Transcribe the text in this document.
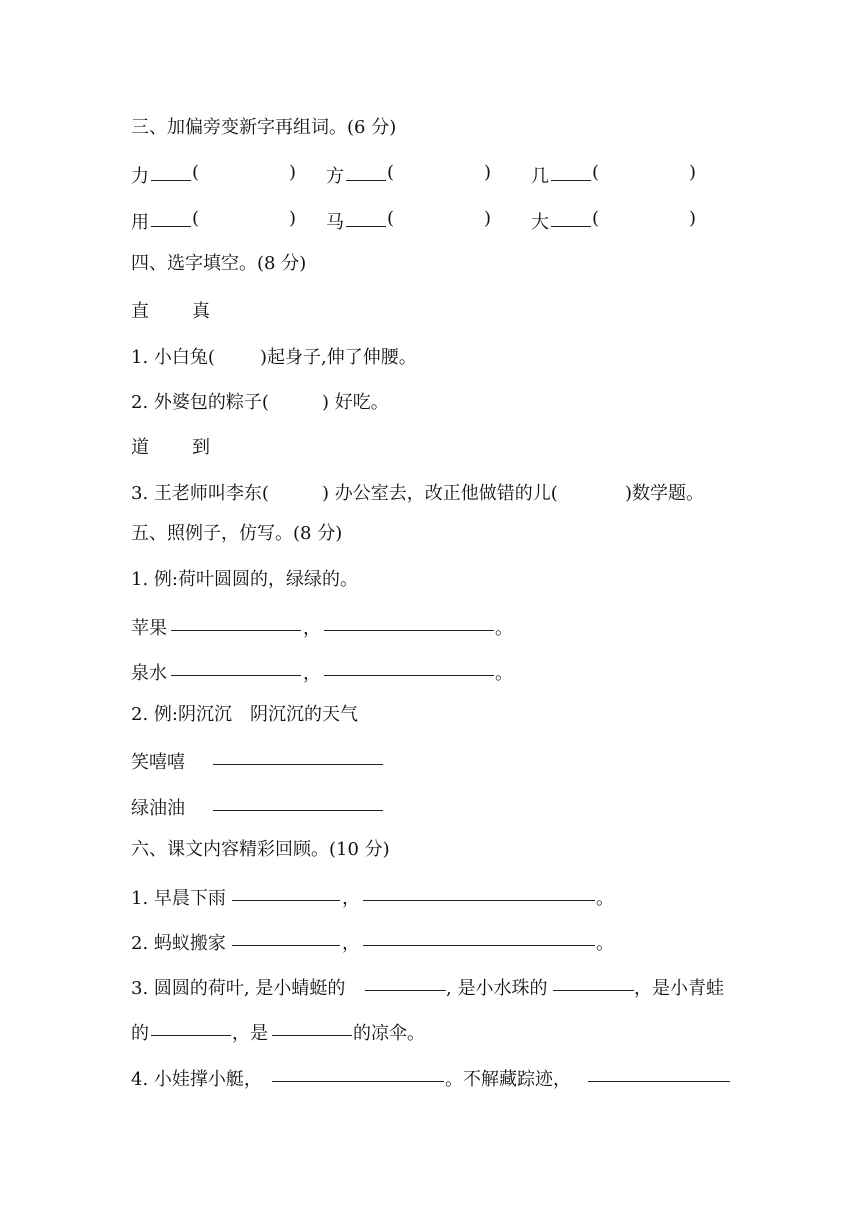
三、加偏旁变新字再组词。(6 分)
力 (	) 方 (	) 几 (	)
用 (	) 马 (	) 大 (	)
四、选字填空。(8 分)
直 真
1. 小白兔(	)起身子,伸了伸腰。
2. 外婆包的粽子(	) 好吃。
道 到
3. 王老师叫李东(	) 办公室去，改正他做错的儿(	)数学题。
五、照例子，仿写。(8 分)
1. 例:荷叶圆圆的，绿绿的。
苹果	，	。
泉水	，	。
2. 例:阴沉沉　阴沉沉的天气
笑嘻嘻
绿油油
六、课文内容精彩回顾。(10 分)
1. 早晨下雨	，	。
2. 蚂蚁搬家	，	。
3. 圆圆的荷叶, 是小蜻蜓的	, 是小水珠的	，是小青蛙
的	，是	的凉伞。
4. 小娃撑小艇，	。不解藏踪迹，
